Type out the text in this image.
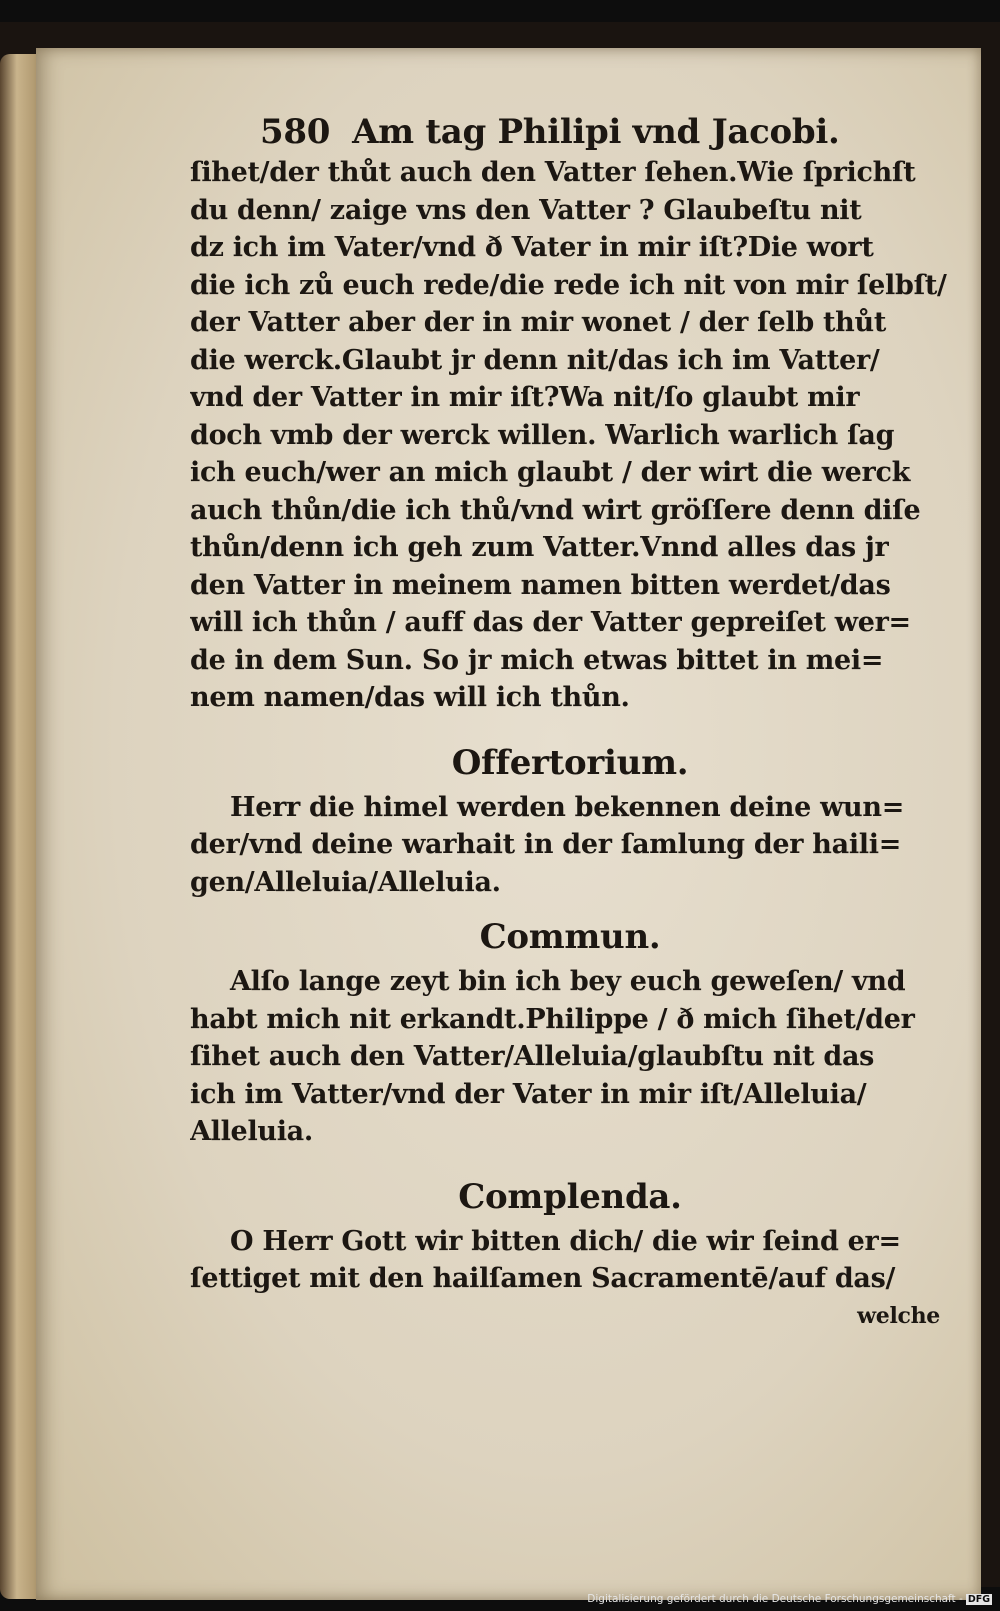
580 Am tag Philipi vnd Jacobi.
ſihet/der thůt auch den Vatter ſehen.Wie ſprichſt
du denn/ zaige vns den Vatter ? Glaubeſtu nit
dz ich im Vater/vnd ð Vater in mir iſt?Die wort
die ich zů euch rede/die rede ich nit von mir ſelbſt/
der Vatter aber der in mir wonet / der ſelb thůt
die werck.Glaubt jr denn nit/das ich im Vatter/
vnd der Vatter in mir iſt?Wa nit/ſo glaubt mir
doch vmb der werck willen. Warlich warlich ſag
ich euch/wer an mich glaubt / der wirt die werck
auch thůn/die ich thů/vnd wirt gröſſere denn diſe
thůn/denn ich geh zum Vatter.Vnnd alles das jr
den Vatter in meinem namen bitten werdet/das
will ich thůn / auff das der Vatter gepreiſet wer=
de in dem Sun. So jr mich etwas bittet in mei=
nem namen/das will ich thůn.
Offertorium.
Herr die himel werden bekennen deine wun=
der/vnd deine warhait in der ſamlung der haili=
gen/Alleluia/Alleluia.
Commun.
Alſo lange zeyt bin ich bey euch geweſen/ vnd
habt mich nit erkandt.Philippe / ð mich ſihet/der
ſihet auch den Vatter/Alleluia/glaubſtu nit das
ich im Vatter/vnd der Vater in mir iſt/Alleluia/
Alleluia.
Complenda.
O Herr Gott wir bitten dich/ die wir ſeind er=
ſettiget mit den hailſamen Sacramentē/auf das/
welche
Digitalisierung gefördert durch die Deutsche Forschungsgemeinschaft - DFG
